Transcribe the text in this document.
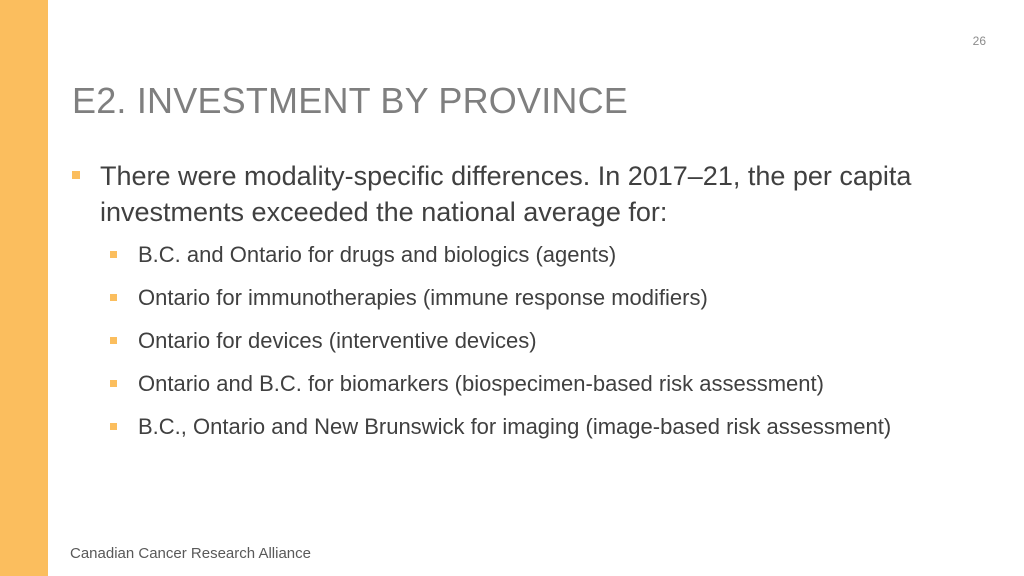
26
E2. INVESTMENT BY PROVINCE
There were modality-specific differences. In 2017–21, the per capita investments exceeded the national average for:
B.C. and Ontario for drugs and biologics (agents)
Ontario for immunotherapies (immune response modifiers)
Ontario for devices (interventive devices)
Ontario and B.C. for biomarkers (biospecimen-based risk assessment)
B.C., Ontario and New Brunswick for imaging (image-based risk assessment)
Canadian Cancer Research Alliance
